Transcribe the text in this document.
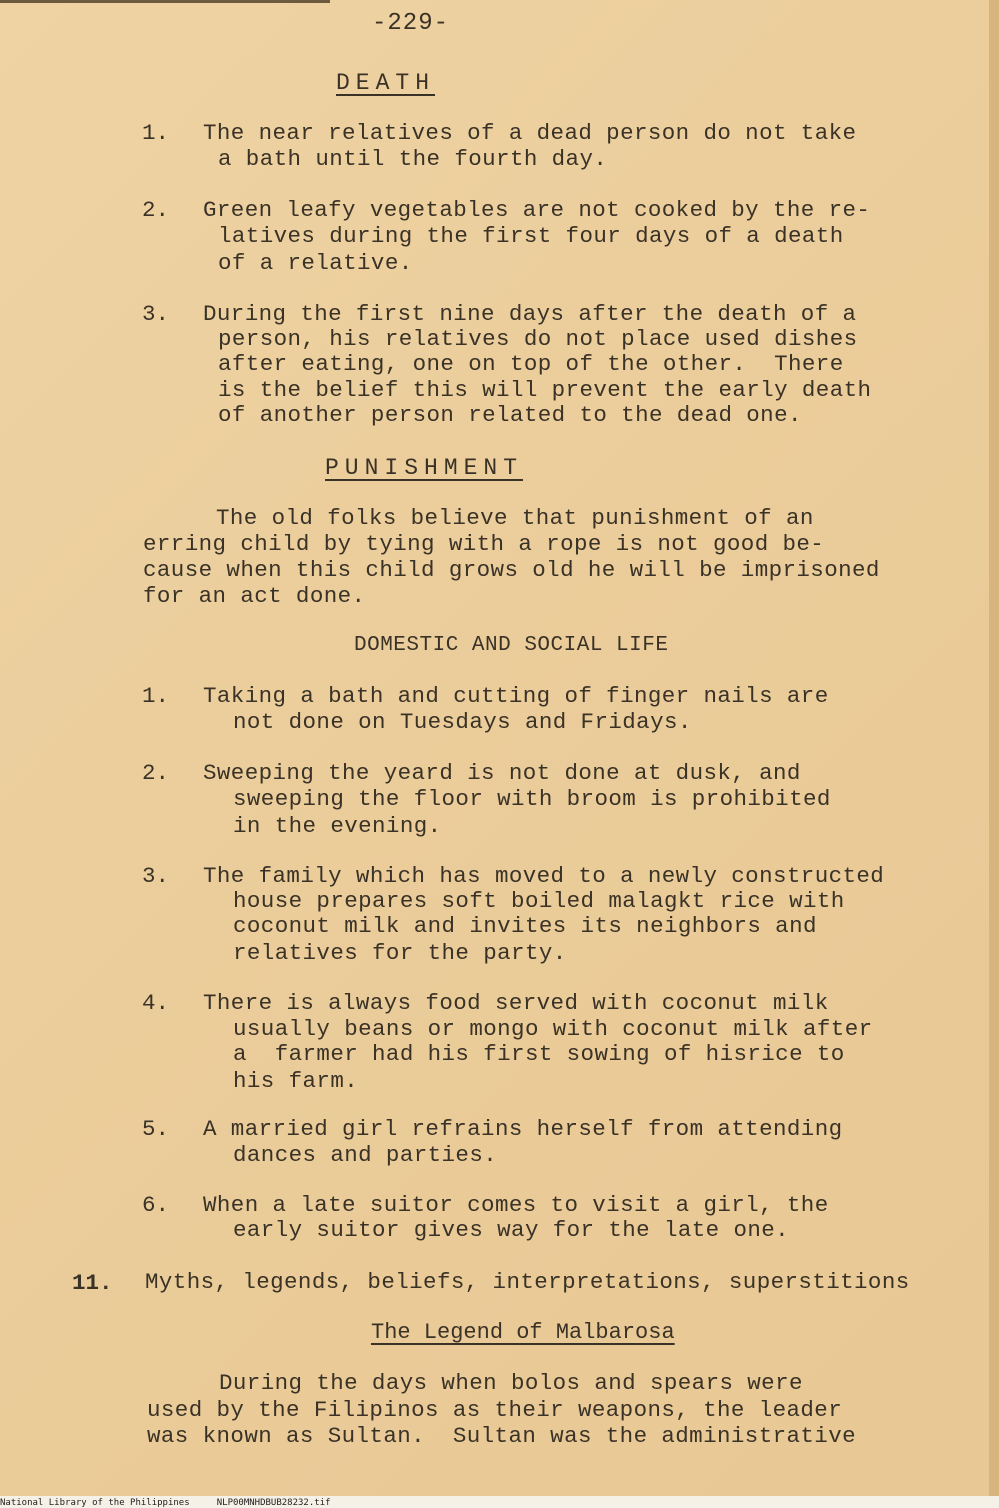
-229-
DEATH
1. The near relatives of a dead person do not take
a bath until the fourth day.
2. Green leafy vegetables are not cooked by the re-
latives during the first four days of a death
of a relative.
3. During the first nine days after the death of a
person, his relatives do not place used dishes
after eating, one on top of the other.  There
is the belief this will prevent the early death
of another person related to the dead one.
PUNISHMENT
The old folks believe that punishment of an
erring child by tying with a rope is not good be-
cause when this child grows old he will be imprisoned
for an act done.
DOMESTIC AND SOCIAL LIFE
1. Taking a bath and cutting of finger nails are
not done on Tuesdays and Fridays.
2. Sweeping the yeard is not done at dusk, and
sweeping the floor with broom is prohibited
in the evening.
3. The family which has moved to a newly constructed
house prepares soft boiled malagkt rice with
coconut milk and invites its neighbors and
relatives for the party.
4. There is always food served with coconut milk
usually beans or mongo with coconut milk after
a  farmer had his first sowing of hisrice to
his farm.
5. A married girl refrains herself from attending
dances and parties.
6. When a late suitor comes to visit a girl, the
early suitor gives way for the late one.
11. Myths, legends, beliefs, interpretations, superstitions
The Legend of Malbarosa
During the days when bolos and spears were
used by the Filipinos as their weapons, the leader
was known as Sultan.  Sultan was the administrative
National Library of the Philippines     NLP00MNHDBUB28232.tif
